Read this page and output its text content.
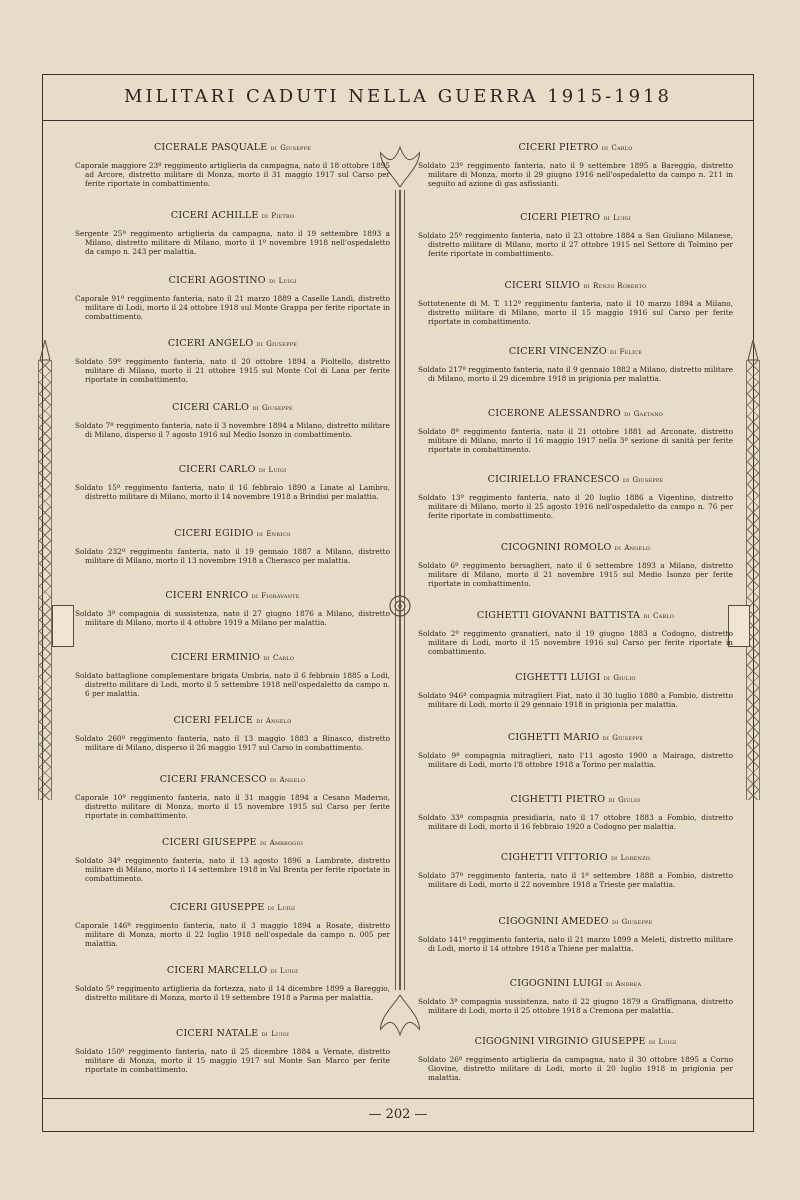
MILITARI CADUTI NELLA GUERRA 1915-1918
— 202 —
CICERALE PASQUALE di Giuseppe

Caporale maggiore 23º reggimento artiglieria da campagna, nato il 18 ottobre 1895 ad Arcore, distretto militare di Monza, morto il 31 maggio 1917 sul Carso per ferite riportate in combattimento.

CICERI ACHILLE di Pietro

Sergente 25º reggimento artiglieria da campagna, nato il 19 settembre 1893 a Milano, distretto militare di Milano, morto il 1º novembre 1918 nell'ospedaletto da campo n. 243 per malattia.

CICERI AGOSTINO di Luigi

Caporale 91º reggimento fanteria, nato il 21 marzo 1889 a Caselle Landi, distretto militare di Lodi, morto il 24 ottobre 1918 sul Monte Grappa per ferite riportate in combattimento.

CICERI ANGELO di Giuseppe

Soldato 59º reggimento fanteria, nato il 20 ottobre 1894 a Pioltello, distretto militare di Milano, morto il 21 ottobre 1915 sul Monte Col di Lana per ferite riportate in combattimento.

CICERI CARLO di Giuseppe

Soldato 7º reggimento fanteria, nato il 3 novembre 1894 a Milano, distretto militare di Milano, disperso il 7 agosto 1916 sul Medio Isonzo in combattimento.

CICERI CARLO di Luigi

Soldato 15º reggimento fanteria, nato il 16 febbraio 1890 a Linate al Lambro, distretto militare di Milano, morto il 14 novembre 1918 a Brindisi per malattia.

CICERI EGIDIO di Enrico

Soldato 232º reggimento fanteria, nato il 19 gennaio 1887 a Milano, distretto militare di Milano, morto il 13 novembre 1918 a Cherasco per malattia.

CICERI ENRICO di Fioravante

Soldato 3ª compagnia di sussistenza, nato il 27 giugno 1876 a Milano, distretto militare di Milano, morto il 4 ottobre 1919 a Milano per malattia.

CICERI ERMINIO di Carlo

Soldato battaglione complementare brigata Umbria, nato il 6 febbraio 1885 a Lodi, distretto militare di Lodi, morto il 5 settembre 1918 nell'ospedaletto da campo n. 6 per malattia.

CICERI FELICE di Angelo

Soldato 260º reggimento fanteria, nato il 13 maggio 1883 a Binasco, distretto militare di Milano, disperso il 26 maggio 1917 sul Carso in combattimento.

CICERI FRANCESCO di Angelo

Caporale 10º reggimento fanteria, nato il 31 maggio 1894 a Cesano Maderno, distretto militare di Monza, morto il 15 novembre 1915 sul Carso per ferite riportate in combattimento.

CICERI GIUSEPPE di Ambrogio

Soldato 34º reggimento fanteria, nato il 13 agosto 1896 a Lambrate, distretto militare di Milano, morto il 14 settembre 1918 in Val Brenta per ferite riportate in combattimento.

CICERI GIUSEPPE di Luigi

Caporale 146º reggimento fanteria, nato il 3 maggio 1894 a Rosate, distretto militare di Monza, morto il 22 luglio 1918 nell'ospedale da campo n. 005 per malattia.

CICERI MARCELLO di Luigi

Soldato 5º reggimento artiglieria da fortezza, nato il 14 dicembre 1899 a Bareggio, distretto militare di Monza, morto il 19 settembre 1918 a Parma per malattia.

CICERI NATALE di Luigi

Soldato 150º reggimento fanteria, nato il 25 dicembre 1884 a Vernate, distretto militare di Monza, morto il 15 maggio 1917 sul Monte San Marco per ferite riportate in combattimento.

CICERI PIETRO di Carlo

Soldato 23º reggimento fanteria, nato il 9 settembre 1895 a Bareggio, distretto militare di Monza, morto il 29 giugno 1916 nell'ospedaletto da campo n. 211 in seguito ad azione di gas asfissianti.

CICERI PIETRO di Luigi

Soldato 25º reggimento fanteria, nato il 23 ottobre 1884 a San Giuliano Milanese, distretto militare di Milano, morto il 27 ottobre 1915 nel Settore di Tolmino per ferite riportate in combattimento.

CICERI SILVIO di Renzo Roberto

Sottotenente di M. T. 112º reggimento fanteria, nato il 10 marzo 1894 a Milano, distretto militare di Milano, morto il 15 maggio 1916 sul Carso per ferite riportate in combattimento.

CICERI VINCENZO di Felice

Soldato 217º reggimento fanteria, nato il 9 gennaio 1882 a Milano, distretto militare di Milano, morto il 29 dicembre 1918 in prigionia per malattia.

CICERONE ALESSANDRO di Gaetano

Soldato 8º reggimento fanteria, nato il 21 ottobre 1881 ad Arconate, distretto militare di Milano, morto il 16 maggio 1917 nella 3ª sezione di sanità per ferite riportate in combattimento.

CICIRIELLO FRANCESCO di Giuseppe

Soldato 13º reggimento fanteria, nato il 20 luglio 1886 a Vigentino, distretto militare di Milano, morto il 25 agosto 1916 nell'ospedaletto da campo n. 76 per ferite riportate in combattimento.

CICOGNINI ROMOLO di Angelo

Soldato 6º reggimento bersaglieri, nato il 6 settembre 1893 a Milano, distretto militare di Milano, morto il 21 novembre 1915 sul Medio Isonzo per ferite riportate in combattimento.

CIGHETTI GIOVANNI BATTISTA di Carlo

Soldato 2º reggimento granatieri, nato il 19 giugno 1883 a Codogno, distretto militare di Lodi, morto il 15 novembre 1916 sul Carso per ferite riportate in combattimento.

CIGHETTI LUIGI di Giulio

Soldato 946ª compagnia mitraglieri Fiat, nato il 30 luglio 1880 a Fombio, distretto militare di Lodi, morto il 29 gennaio 1918 in prigionia per malattia.

CIGHETTI MARIO di Giuseppe

Soldato 9ª compagnia mitraglieri, nato l'11 agosto 1900 a Mairago, distretto militare di Lodi, morto l'8 ottobre 1918 a Torino per malattia.

CIGHETTI PIETRO di Giulio

Soldato 33ª compagnia presidiaria, nato il 17 ottobre 1883 a Fombio, distretto militare di Lodi, morto il 16 febbraio 1920 a Codogno per malattia.

CIGHETTI VITTORIO di Lorenzo

Soldato 37º reggimento fanteria, nato il 1º settembre 1888 a Fombio, distretto militare di Lodi, morto il 22 novembre 1918 a Trieste per malattia.

CIGOGNINI AMEDEO di Giuseppe

Soldato 141º reggimento fanteria, nato il 21 marzo 1899 a Meleti, distretto militare di Lodi, morto il 14 ottobre 1918 a Thiene per malattia.

CIGOGNINI LUIGI di Andrea

Soldato 3ª compagnia sussistenza, nato il 22 giugno 1879 a Graffignana, distretto militare di Lodi, morto il 25 ottobre 1918 a Cremona per malattia.

CIGOGNINI VIRGINIO GIUSEPPE di Luigi

Soldato 26º reggimento artiglieria da campagna, nato il 30 ottobre 1895 a Corno Giovine, distretto militare di Lodi, morto il 20 luglio 1918 in prigionia per malattia.
